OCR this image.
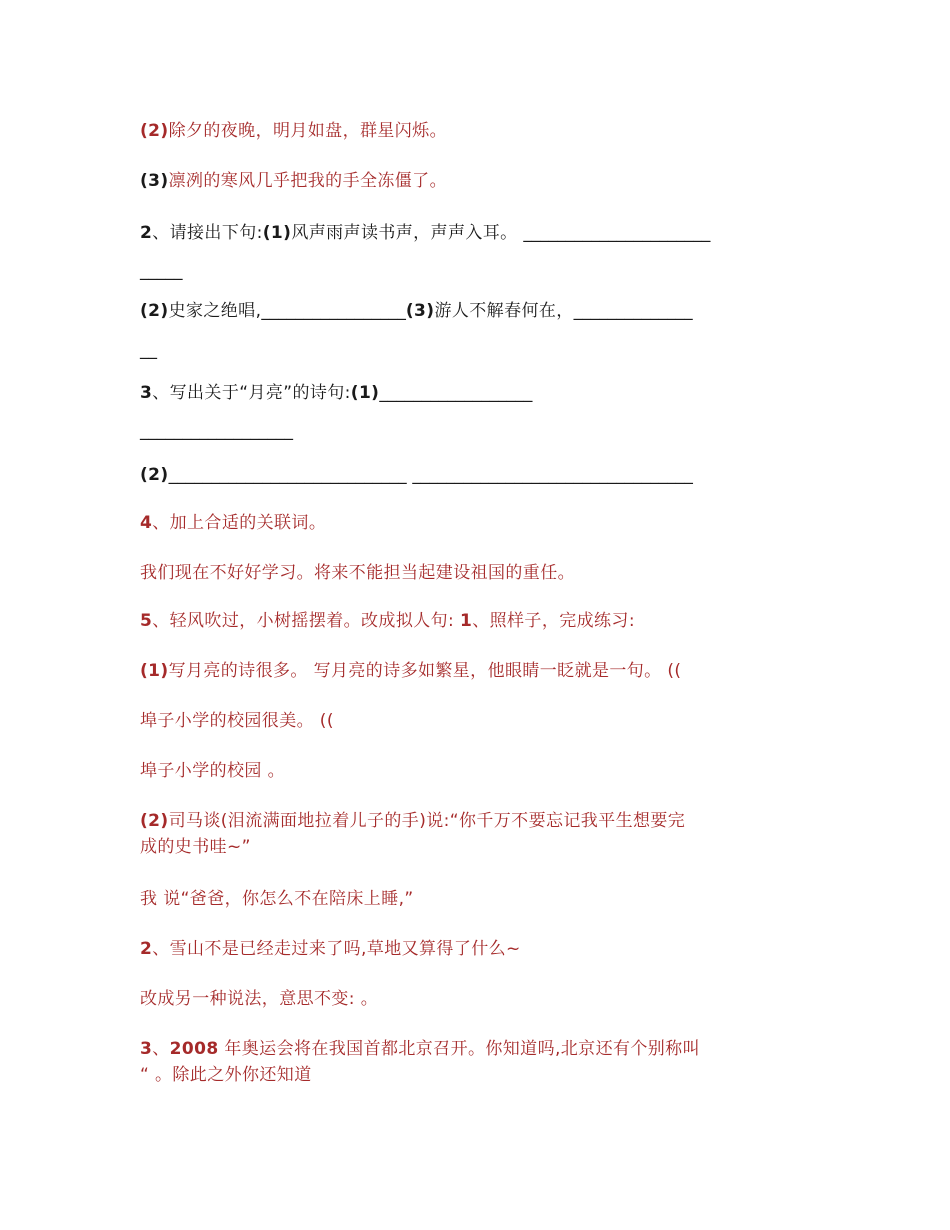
(2)除夕的夜晚，明月如盘，群星闪烁。
(3)凛冽的寒风几乎把我的手全冻僵了。
2、请接出下句:(1)风声雨声读书声，声声入耳。 ______________________
_____
(2)史家之绝唱,_________________(3)游人不解春何在，______________
__
3、写出关于“月亮”的诗句:(1)__________________
__________________
(2)____________________________ _________________________________
4、加上合适的关联词。
我们现在不好好学习。将来不能担当起建设祖国的重任。
5、轻风吹过，小树摇摆着。改成拟人句: 1、照样子，完成练习:
(1)写月亮的诗很多。 写月亮的诗多如繁星，他眼睛一眨就是一句。 ((
埠子小学的校园很美。 ((
埠子小学的校园 。
(2)司马谈(泪流满面地拉着儿子的手)说:“你千万不要忘记我平生想要完
成的史书哇~”
我 说“爸爸，你怎么不在陪床上睡,”
2、雪山不是已经走过来了吗,草地又算得了什么~
改成另一种说法，意思不变: 。
3、2008 年奥运会将在我国首都北京召开。你知道吗,北京还有个别称叫
“ 。除此之外你还知道
